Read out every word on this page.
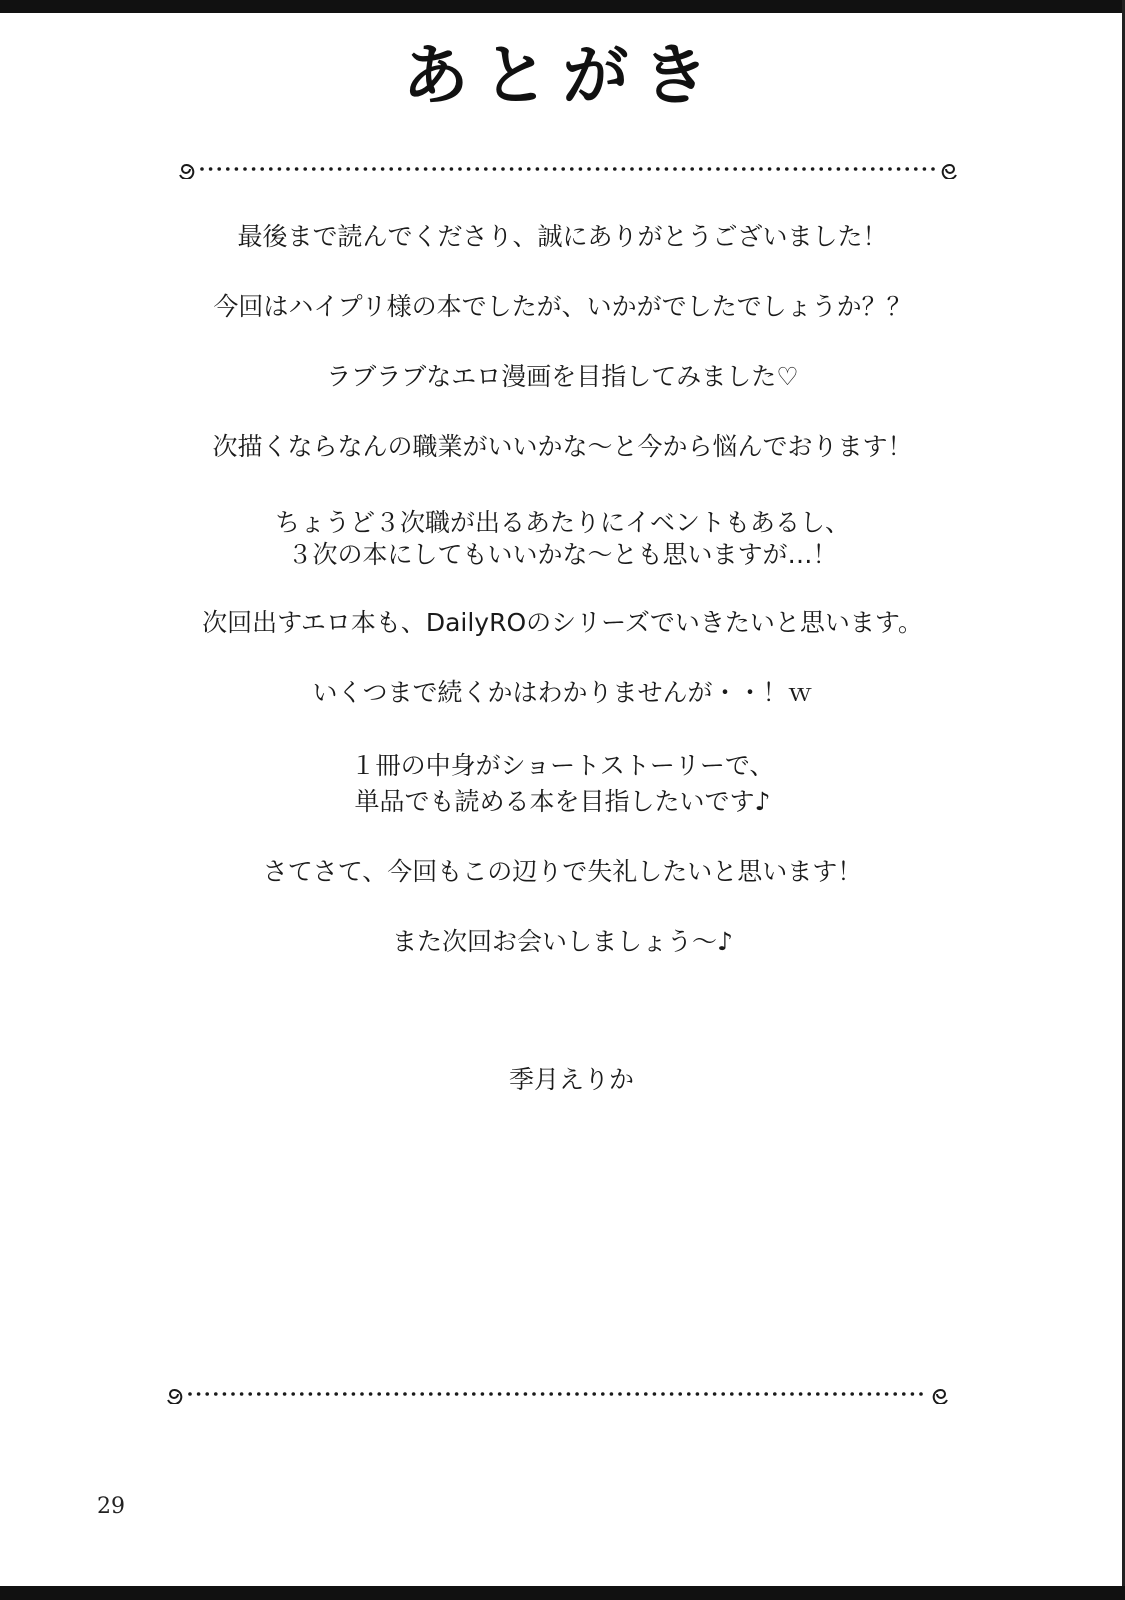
あとがき
最後まで読んでくださり、誠にありがとうございました！
今回はハイプリ様の本でしたが、いかがでしたでしょうか？？
ラブラブなエロ漫画を目指してみました♡
次描くならなんの職業がいいかな～と今から悩んでおります！
ちょうど３次職が出るあたりにイベントもあるし、
３次の本にしてもいいかな～とも思いますが…！
次回出すエロ本も、DailyROのシリーズでいきたいと思います。
いくつまで続くかはわかりませんが・・！ｗ
１冊の中身がショートストーリーで、
単品でも読める本を目指したいです♪
さてさて、今回もこの辺りで失礼したいと思います！
また次回お会いしましょう～♪
季月えりか
29
